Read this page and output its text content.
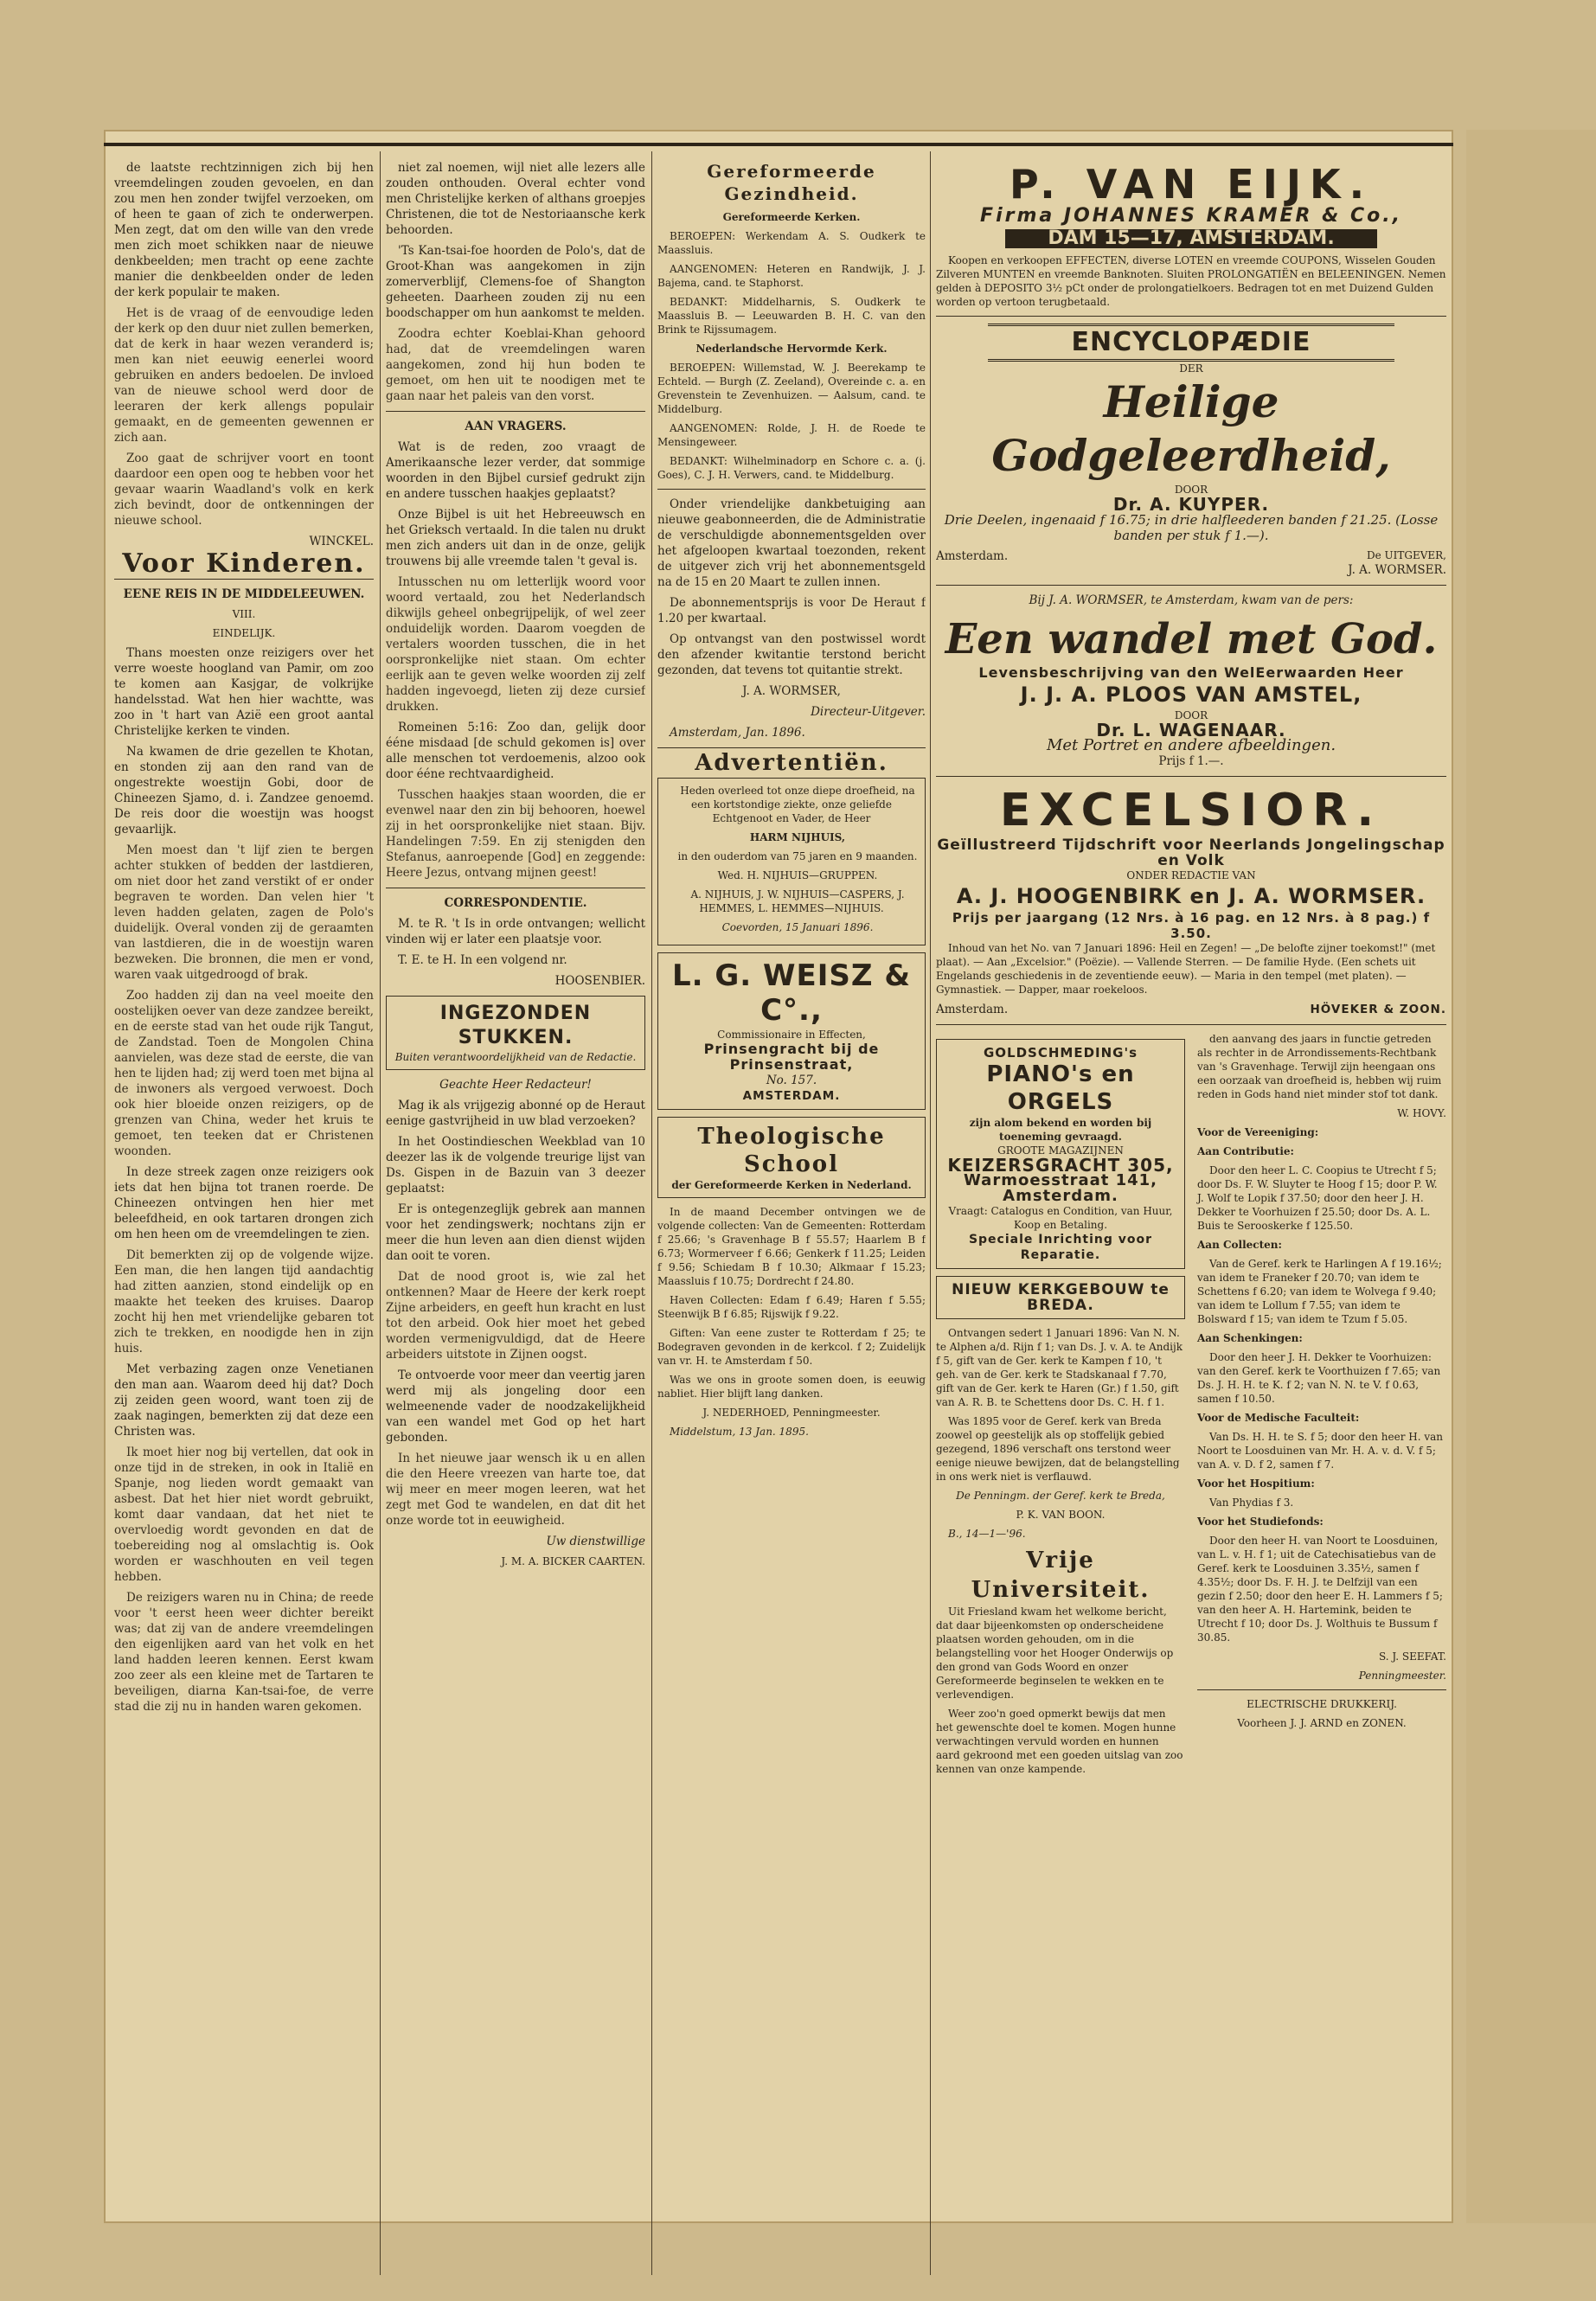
de laatste rechtzinnigen zich bij hen vreemdelingen zouden gevoelen, en dan zou men hen zonder twijfel verzoeken, om of heen te gaan of zich te onderwerpen. Men zegt, dat om den wille van den vrede men zich moet schikken naar de nieuwe denkbeelden; men tracht op eene zachte manier die denkbeelden onder de leden der kerk populair te maken.

Het is de vraag of de eenvoudige leden der kerk op den duur niet zullen bemerken, dat de kerk in haar wezen veranderd is; men kan niet eeuwig eenerlei woord gebruiken en anders bedoelen. De invloed van de nieuwe school werd door de leeraren der kerk allengs populair gemaakt, en de gemeenten gewennen er zich aan.

Zoo gaat de schrijver voort en toont daardoor een open oog te hebben voor het gevaar waarin Waadland's volk en kerk zich bevindt, door de ontkenningen der nieuwe school.

WINCKEL.

Voor Kinderen.

EENE REIS IN DE MIDDELEEUWEN.

VIII.

EINDELIJK.

Thans moesten onze reizigers over het verre woeste hoogland van Pamir, om zoo te komen aan Kasjgar, de volkrijke handelsstad. Wat hen hier wachtte, was zoo in 't hart van Azië een groot aantal Christelijke kerken te vinden.

Na kwamen de drie gezellen te Khotan, en stonden zij aan den rand van de ongestrekte woestijn Gobi, door de Chineezen Sjamo, d. i. Zandzee genoemd. De reis door die woestijn was hoogst gevaarlijk.

Men moest dan 't lijf zien te bergen achter stukken of bedden der lastdieren, om niet door het zand verstikt of er onder begraven te worden. Dan velen hier 't leven hadden gelaten, zagen de Polo's duidelijk. Overal vonden zij de geraamten van lastdieren, die in de woestijn waren bezweken. Die bronnen, die men er vond, waren vaak uitgedroogd of brak.

Zoo hadden zij dan na veel moeite den oostelijken oever van deze zandzee bereikt, en de eerste stad van het oude rijk Tangut, de Zandstad. Toen de Mongolen China aanvielen, was deze stad de eerste, die van hen te lijden had; zij werd toen met bijna al de inwoners als vergoed verwoest. Doch ook hier bloeide onzen reizigers, op de grenzen van China, weder het kruis te gemoet, ten teeken dat er Christenen woonden.

In deze streek zagen onze reizigers ook iets dat hen bijna tot tranen roerde. De Chineezen ontvingen hen hier met beleefdheid, en ook tartaren drongen zich om hen heen om de vreemdelingen te zien.

Dit bemerkten zij op de volgende wijze. Een man, die hen langen tijd aandachtig had zitten aanzien, stond eindelijk op en maakte het teeken des kruises. Daarop zocht hij hen met vriendelijke gebaren tot zich te trekken, en noodigde hen in zijn huis.

Met verbazing zagen onze Venetianen den man aan. Waarom deed hij dat? Doch zij zeiden geen woord, want toen zij de zaak nagingen, bemerkten zij dat deze een Christen was.

Ik moet hier nog bij vertellen, dat ook in onze tijd in de streken, in ook in Italië en Spanje, nog lieden wordt gemaakt van asbest. Dat het hier niet wordt gebruikt, komt daar vandaan, dat het niet te overvloedig wordt gevonden en dat de toebereiding nog al omslachtig is. Ook worden er waschhouten en veil tegen hebben.

De reizigers waren nu in China; de reede voor 't eerst heen weer dichter bereikt was; dat zij van de andere vreemdelingen den eigenlijken aard van het volk en het land hadden leeren kennen. Eerst kwam zoo zeer als een kleine met de Tartaren te beveiligen, diarna Kan-tsai-foe, de verre stad die zij nu in handen waren gekomen.

niet zal noemen, wijl niet alle lezers alle zouden onthouden. Overal echter vond men Christelijke kerken of althans groepjes Christenen, die tot de Nestoriaansche kerk behoorden.

'Ts Kan-tsai-foe hoorden de Polo's, dat de Groot-Khan was aangekomen in zijn zomerverblijf, Clemens-foe of Shangton geheeten. Daarheen zouden zij nu een boodschapper om hun aankomst te melden.

Zoodra echter Koeblai-Khan gehoord had, dat de vreemdelingen waren aangekomen, zond hij hun boden te gemoet, om hen uit te noodigen met te gaan naar het paleis van den vorst.

AAN VRAGERS.

Wat is de reden, zoo vraagt de Amerikaansche lezer verder, dat sommige woorden in den Bijbel cursief gedrukt zijn en andere tusschen haakjes geplaatst?

Onze Bijbel is uit het Hebreeuwsch en het Grieksch vertaald. In die talen nu drukt men zich anders uit dan in de onze, gelijk trouwens bij alle vreemde talen 't geval is.

Intusschen nu om letterlijk woord voor woord vertaald, zou het Nederlandsch dikwijls geheel onbegrijpelijk, of wel zeer onduidelijk worden. Daarom voegden de vertalers woorden tusschen, die in het oorspronkelijke niet staan. Om echter eerlijk aan te geven welke woorden zij zelf hadden ingevoegd, lieten zij deze cursief drukken.

Romeinen 5:16: Zoo dan, gelijk door ééne misdaad [de schuld gekomen is] over alle menschen tot verdoemenis, alzoo ook door ééne rechtvaardigheid.

Tusschen haakjes staan woorden, die er evenwel naar den zin bij behooren, hoewel zij in het oorspronkelijke niet staan. Bijv. Handelingen 7:59. En zij stenigden den Stefanus, aanroepende [God] en zeggende: Heere Jezus, ontvang mijnen geest!

CORRESPONDENTIE.

M. te R. 't Is in orde ontvangen; wellicht vinden wij er later een plaatsje voor.

T. E. te H. In een volgend nr.

HOOSENBIER.

INGEZONDEN STUKKEN.
Buiten verantwoordelijkheid van de Redactie.

Geachte Heer Redacteur!

Mag ik als vrijgezig abonné op de Heraut eenige gastvrijheid in uw blad verzoeken?

In het Oostindieschen Weekblad van 10 deezer las ik de volgende treurige lijst van Ds. Gispen in de Bazuin van 3 deezer geplaatst:

Er is ontegenzeglijk gebrek aan mannen voor het zendingswerk; nochtans zijn er meer die hun leven aan dien dienst wijden dan ooit te voren.

Dat de nood groot is, wie zal het ontkennen? Maar de Heere der kerk roept Zijne arbeiders, en geeft hun kracht en lust tot den arbeid. Ook hier moet het gebed worden vermenigvuldigd, dat de Heere arbeiders uitstote in Zijnen oogst.

Te ontvoerde voor meer dan veertig jaren werd mij als jongeling door een welmeenende vader de noodzakelijkheid van een wandel met God op het hart gebonden.

In het nieuwe jaar wensch ik u en allen die den Heere vreezen van harte toe, dat wij meer en meer mogen leeren, wat het zegt met God te wandelen, en dat dit het onze worde tot in eeuwigheid.

Uw dienstwillige

J. M. A. BICKER CAARTEN.

Gereformeerde Gezindheid.

Gereformeerde Kerken.

BEROEPEN: Werkendam A. S. Oudkerk te Maassluis.

AANGENOMEN: Heteren en Randwijk, J. J. Bajema, cand. te Staphorst.

BEDANKT: Middelharnis, S. Oudkerk te Maassluis B. — Leeuwarden B. H. C. van den Brink te Rijssumagem.

Nederlandsche Hervormde Kerk.

BEROEPEN: Willemstad, W. J. Beerekamp te Echteld. — Burgh (Z. Zeeland), Overeinde c. a. en Grevenstein te Zevenhuizen. — Aalsum, cand. te Middelburg.

AANGENOMEN: Rolde, J. H. de Roede te Mensingeweer.

BEDANKT: Wilhelminadorp en Schore c. a. (j. Goes), C. J. H. Verwers, cand. te Middelburg.

Onder vriendelijke dankbetuiging aan nieuwe geabonneerden, die de Administratie de verschuldigde abonnementsgelden over het afgeloopen kwartaal toezonden, rekent de uitgever zich vrij het abonnementsgeld na de 15 en 20 Maart te zullen innen.

De abonnementsprijs is voor De Heraut f 1.20 per kwartaal.

Op ontvangst van den postwissel wordt den afzender kwitantie terstond bericht gezonden, dat tevens tot quitantie strekt.

J. A. WORMSER,

Directeur-Uitgever.

Amsterdam, Jan. 1896.

Advertentiën.

Heden overleed tot onze diepe droefheid, na een kortstondige ziekte, onze geliefde Echtgenoot en Vader, de Heer

HARM NIJHUIS,

in den ouderdom van 75 jaren en 9 maanden.

Wed. H. NIJHUIS—GRUPPEN.

A. NIJHUIS, J. W. NIJHUIS—CASPERS, J. HEMMES, L. HEMMES—NIJHUIS.

Coevorden, 15 Januari 1896.

L. G. WEISZ & C°.,
Commissionaire in Effecten,
Prinsengracht bij de Prinsenstraat,
No. 157.
AMSTERDAM.
Theologische School
der Gereformeerde Kerken in Nederland.

In de maand December ontvingen we de volgende collecten: Van de Gemeenten: Rotterdam f 25.66; 's Gravenhage B f 55.57; Haarlem B f 6.73; Wormerveer f 6.66; Genkerk f 11.25; Leiden f 9.56; Schiedam B f 10.30; Alkmaar f 15.23; Maassluis f 10.75; Dordrecht f 24.80.

Haven Collecten: Edam f 6.49; Haren f 5.55; Steenwijk B f 6.85; Rijswijk f 9.22.

Giften: Van eene zuster te Rotterdam f 25; te Bodegraven gevonden in de kerkcol. f 2; Zuidelijk van vr. H. te Amsterdam f 50.

Was we ons in groote somen doen, is eeuwig nabliet. Hier blijft lang danken.

J. NEDERHOED, Penningmeester.

Middelstum, 13 Jan. 1895.

P. VAN EIJK.
Firma JOHANNES KRAMER & Co.,
DAM 15—17, AMSTERDAM.

Koopen en verkoopen EFFECTEN, diverse LOTEN en vreemde COUPONS, Wisselen Gouden Zilveren MUNTEN en vreemde Banknoten. Sluiten PROLONGATIËN en BELEENINGEN. Nemen gelden à DEPOSITO 3½ pCt onder de prolongatielkoers. Bedragen tot en met Duizend Gulden worden op vertoon terugbetaald.

ENCYCLOPÆDIE
DER
Heilige Godgeleerdheid,
DOOR
Dr. A. KUYPER.

Drie Deelen, ingenaaid f 16.75; in drie halfleederen banden f 21.25. (Losse banden per stuk f 1.—).

Amsterdam.	De UITGEVER,
J. A. WORMSER.

Bij J. A. WORMSER, te Amsterdam, kwam van de pers:

Een wandel met God.
Levensbeschrijving van den WelEerwaarden Heer
J. J. A. PLOOS VAN AMSTEL,
DOOR
Dr. L. WAGENAAR.
Met Portret en andere afbeeldingen.
Prijs f 1.—.
EXCELSIOR.
Geïllustreerd Tijdschrift voor Neerlands Jongelingschap en Volk
ONDER REDACTIE VAN
A. J. HOOGENBIRK en J. A. WORMSER.
Prijs per jaargang (12 Nrs. à 16 pag. en 12 Nrs. à 8 pag.) f 3.50.

Inhoud van het No. van 7 Januari 1896: Heil en Zegen! — „De belofte zijner toekomst!" (met plaat). — Aan „Excelsior." (Poëzie). — Vallende Sterren. — De familie Hyde. (Een schets uit Engelands geschiedenis in de zeventiende eeuw). — Maria in den tempel (met platen). — Gymnastiek. — Dapper, maar roekeloos.

Amsterdam.	HÖVEKER & ZOON.
GOLDSCHMEDING's
PIANO's en ORGELS
zijn alom bekend en worden bij toeneming gevraagd.
GROOTE MAGAZIJNEN
KEIZERSGRACHT 305,
Warmoesstraat 141, Amsterdam.
Vraagt: Catalogus en Condition, van Huur, Koop en Betaling.
Speciale Inrichting voor Reparatie.
NIEUW KERKGEBOUW te BREDA.

Ontvangen sedert 1 Januari 1896: Van N. N. te Alphen a/d. Rijn f 1; van Ds. J. v. A. te Andijk f 5, gift van de Ger. kerk te Kampen f 10, 't geh. van de Ger. kerk te Stadskanaal f 7.70, gift van de Ger. kerk te Haren (Gr.) f 1.50, gift van A. R. B. te Schettens door Ds. C. H. f 1.

Was 1895 voor de Geref. kerk van Breda zoowel op geestelijk als op stoffelijk gebied gezegend, 1896 verschaft ons terstond weer eenige nieuwe bewijzen, dat de belangstelling in ons werk niet is verflauwd.

De Penningm. der Geref. kerk te Breda,

P. K. VAN BOON.

B., 14—1—'96.

Vrije Universiteit.

Uit Friesland kwam het welkome bericht, dat daar bijeenkomsten op onderscheidene plaatsen worden gehouden, om in die belangstelling voor het Hooger Onderwijs op den grond van Gods Woord en onzer Gereformeerde beginselen te wekken en te verlevendigen.

Weer zoo'n goed opmerkt bewijs dat men het gewenschte doel te komen. Mogen hunne verwachtingen vervuld worden en hunnen aard gekroond met een goeden uitslag van zoo kennen van onze kampende.

den aanvang des jaars in functie getreden als rechter in de Arrondissements-Rechtbank van 's Gravenhage. Terwijl zijn heengaan ons een oorzaak van droefheid is, hebben wij ruim reden in Gods hand niet minder stof tot dank.

W. HOVY.

Voor de Vereeniging:

Aan Contributie:

Door den heer L. C. Coopius te Utrecht f 5; door Ds. F. W. Sluyter te Hoog f 15; door P. W. J. Wolf te Lopik f 37.50; door den heer J. H. Dekker te Voorhuizen f 25.50; door Ds. A. L. Buis te Serooskerke f 125.50.

Aan Collecten:

Van de Geref. kerk te Harlingen A f 19.16½; van idem te Franeker f 20.70; van idem te Schettens f 6.20; van idem te Wolvega f 9.40; van idem te Lollum f 7.55; van idem te Bolsward f 15; van idem te Tzum f 5.05.

Aan Schenkingen:

Door den heer J. H. Dekker te Voorhuizen: van den Geref. kerk te Voorthuizen f 7.65; van Ds. J. H. H. te K. f 2; van N. N. te V. f 0.63, samen f 10.50.

Voor de Medische Faculteit:

Van Ds. H. H. te S. f 5; door den heer H. van Noort te Loosduinen van Mr. H. A. v. d. V. f 5; van A. v. D. f 2, samen f 7.

Voor het Hospitium:

Van Phydias f 3.

Voor het Studiefonds:

Door den heer H. van Noort te Loosduinen, van L. v. H. f 1; uit de Catechisatiebus van de Geref. kerk te Loosduinen 3.35½, samen f 4.35½; door Ds. F. H. J. te Delfzijl van een gezin f 2.50; door den heer E. H. Lammers f 5; van den heer A. H. Hartemink, beiden te Utrecht f 10; door Ds. J. Wolthuis te Bussum f 30.85.

S. J. SEEFAT.

Penningmeester.

ELECTRISCHE DRUKKERIJ.

Voorheen J. J. ARND en ZONEN.
